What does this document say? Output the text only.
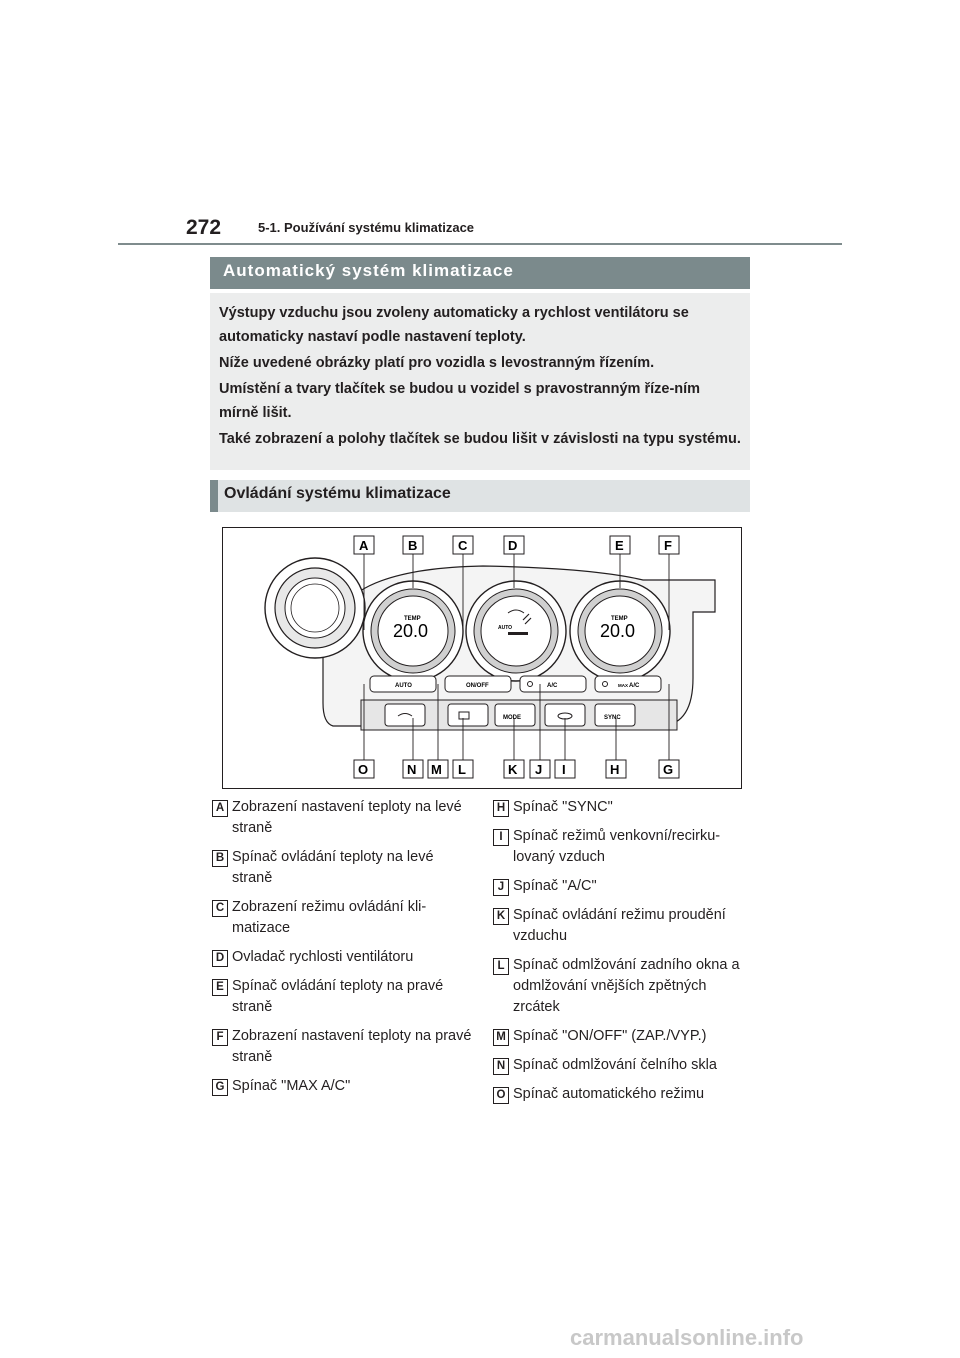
272	5-1. Používání systému klimatizace
Automatický systém klimatizace

Výstupy vzduchu jsou zvoleny automaticky a rychlost ventilátoru se automaticky nastaví podle nastavení teploty.

Níže uvedené obrázky platí pro vozidla s levostranným řízením.

Umístění a tvary tlačítek se budou u vozidel s pravostranným říze-ním mírně lišit.

Také zobrazení a polohy tlačítek se budou lišit v závislosti na typu systému.

Ovládání systému klimatizace
TEMP
20.0	AUTO
TEMP
20.0
AUTO	ON/OFF	A/C	MAX A/C
MODE	SYNC
A	B	C	D	E	F
O	N M L	K J I	H	G
A Zobrazení nastavení teploty na levé straně
B Spínač ovládání teploty na levé straně
C Zobrazení režimu ovládání kli-matizace
D Ovladač rychlosti ventilátoru
E Spínač ovládání teploty na pravé straně
F Zobrazení nastavení teploty na pravé straně
G Spínač "MAX A/C"
H Spínač "SYNC"
I Spínač režimů venkovní/recirku-lovaný vzduch
J Spínač "A/C"
K Spínač ovládání režimu proudění vzduchu
L Spínač odmlžování zadního okna a odmlžování vnějších zpětných zrcátek
M Spínač "ON/OFF" (ZAP./VYP.)
N Spínač odmlžování čelního skla
O Spínač automatického režimu
carmanualsonline.info
